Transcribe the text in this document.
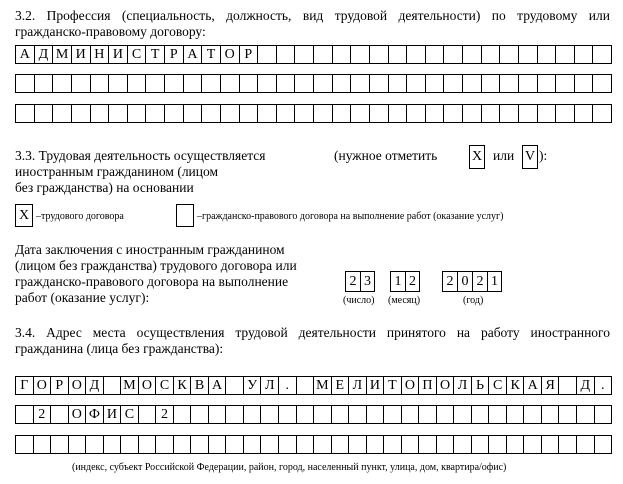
3.2. Профессия (специальность, должность, вид трудовой деятельности) по трудовому или
гражданско-правовому договору:
А Д М И Н И С Т Р А Т О Р
3.3. Трудовая деятельность осуществляется
иностранным гражданином (лицом
без гражданства) на основании
(нужное отметить X или V ):
X –трудового договора	–гражданско-правового договора на выполнение работ (оказание услуг)
Дата заключения с иностранным гражданином
(лицом без гражданства) трудового договора или
гражданско-правового договора на выполнение
работ (оказание услуг):
2 3	1 2	2 0 2 1
(число) (месяц)	(год)
3.4. Адрес места осуществления трудовой деятельности принятого на работу иностранного
гражданина (лица без гражданства):
Г О Р О Д М О С К В А	У Л .	М Е Л И Т О П О Л Ь С К А Я	Д .
2	О Ф И С	2
(индекс, субъект Российской Федерации, район, город, населенный пункт, улица, дом, квартира/офис)
